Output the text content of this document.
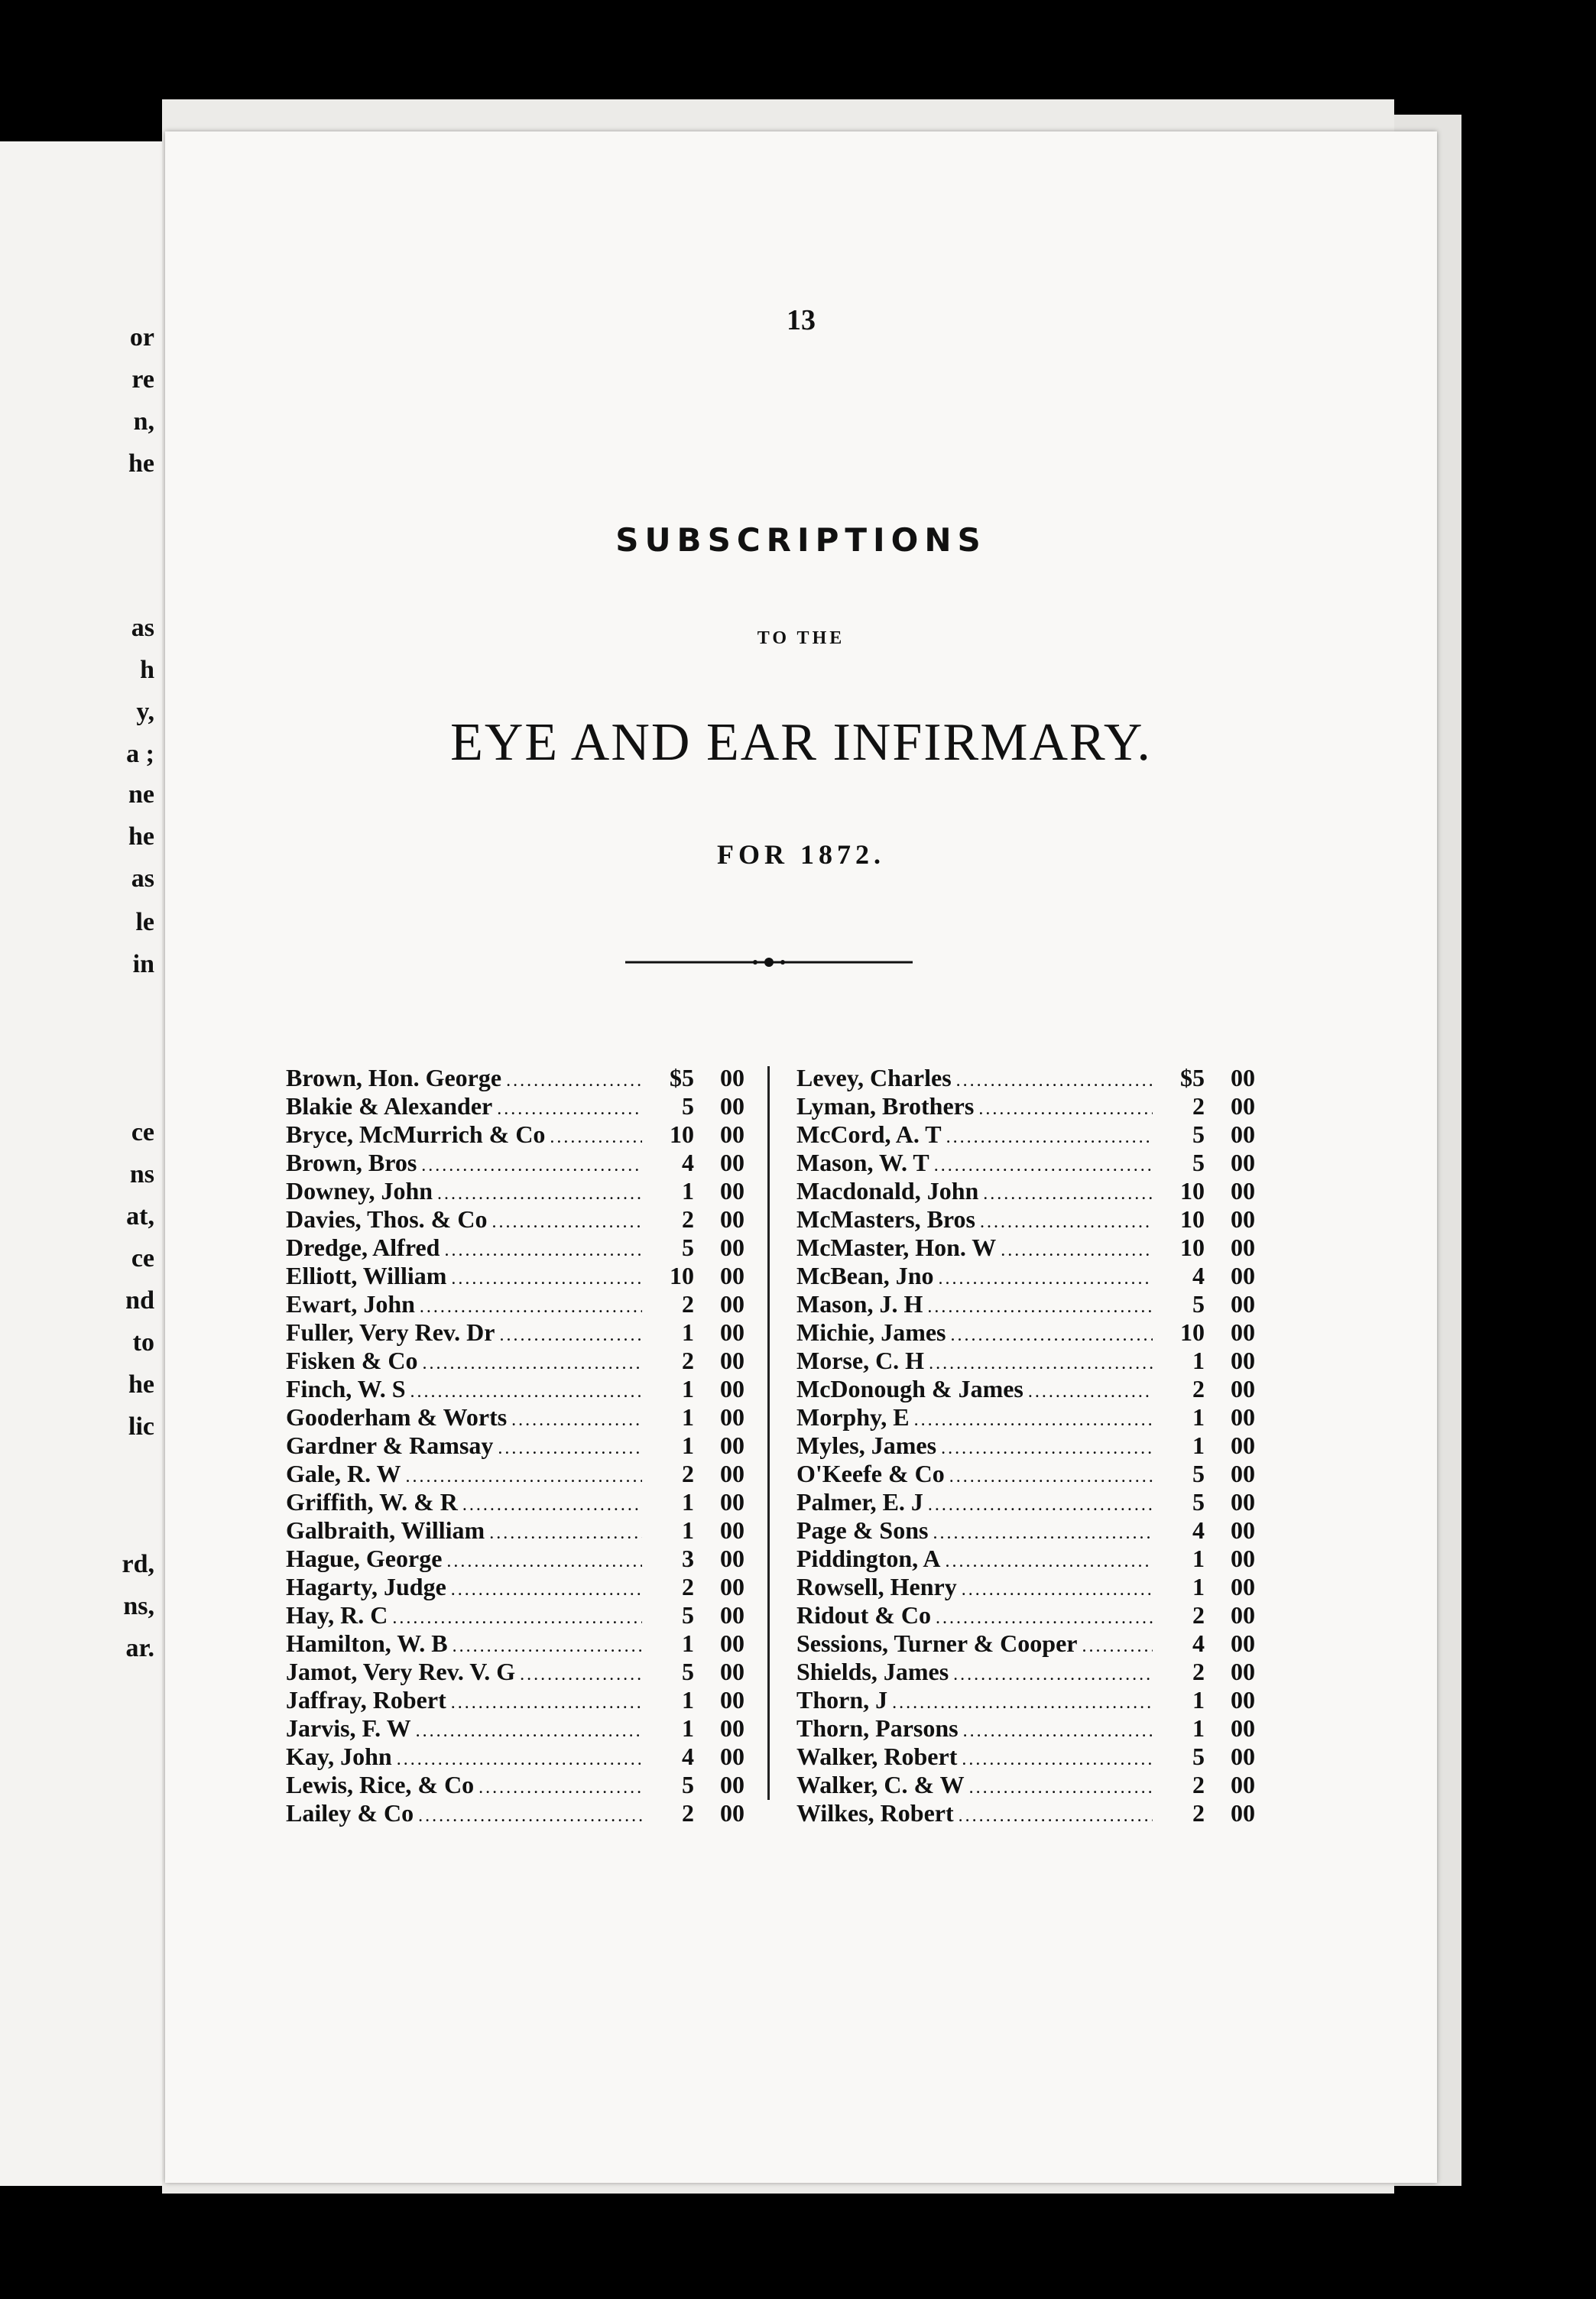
or
re
n,
he
as
h
y,
a ;
ne
he
as
le
in
ce
ns
at,
ce
nd
to
he
lic
rd,
ns,
ar.
13
SUBSCRIPTIONS
TO THE
EYE AND EAR INFIRMARY.
FOR 1872.
Brown, Hon. George .....	$5	00
Blakie & Alexander .....	5	00
Bryce, McMurrich & Co .....	10	00
Brown, Bros .....	4	00
Downey, John .....	1	00
Davies, Thos. & Co .....	2	00
Dredge, Alfred .....	5	00
Elliott, William .....	10	00
Ewart, John .....	2	00
Fuller, Very Rev. Dr .....	1	00
Fisken & Co .....	2	00
Finch, W. S .....	1	00
Gooderham & Worts .....	1	00
Gardner & Ramsay .....	1	00
Gale, R. W .....	2	00
Griffith, W. & R .....	1	00
Galbraith, William .....	1	00
Hague, George .....	3	00
Hagarty, Judge .....	2	00
Hay, R. C .....	5	00
Hamilton, W. B .....	1	00
Jamot, Very Rev. V. G .....	5	00
Jaffray, Robert .....	1	00
Jarvis, F. W .....	1	00
Kay, John .....	4	00
Lewis, Rice, & Co .....	5	00
Lailey & Co .....	2	00
Levey, Charles .....	$5	00
Lyman, Brothers .....	2	00
McCord, A. T .....	5	00
Mason, W. T .....	5	00
Macdonald, John .....	10	00
McMasters, Bros .....	10	00
McMaster, Hon. W .....	10	00
McBean, Jno .....	4	00
Mason, J. H .....	5	00
Michie, James .....	10	00
Morse, C. H .....	1	00
McDonough & James .....	2	00
Morphy, E .....	1	00
Myles, James .....	1	00
O'Keefe & Co .....	5	00
Palmer, E. J .....	5	00
Page & Sons .....	4	00
Piddington, A .....	1	00
Rowsell, Henry .....	1	00
Ridout & Co .....	2	00
Sessions, Turner & Cooper .....	4	00
Shields, James .....	2	00
Thorn, J .....	1	00
Thorn, Parsons .....	1	00
Walker, Robert .....	5	00
Walker, C. & W .....	2	00
Wilkes, Robert .....	2	00
